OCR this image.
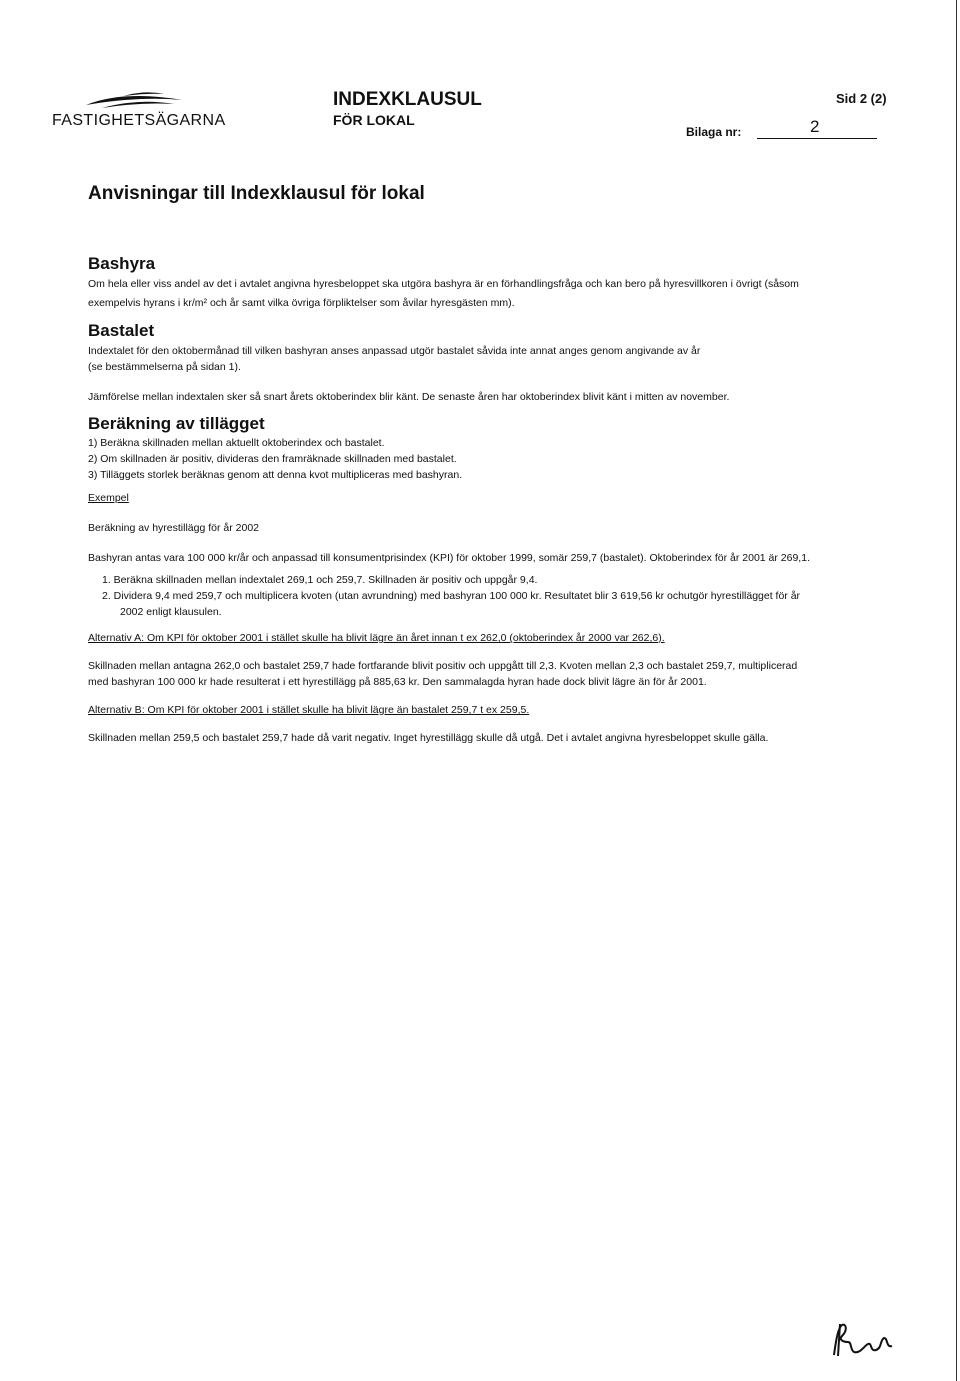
FASTIGHETSÄGARNA
INDEXKLAUSUL
FÖR LOKAL
Sid 2 (2)
Bilaga nr:	2
Anvisningar till Indexklausul för lokal
Bashyra

Om hela eller viss andel av det i avtalet angivna hyresbeloppet ska utgöra bashyra är en förhandlingsfråga och kan bero på hyresvillkoren i övrigt (såsom

exempelvis hyrans i kr/m² och år samt vilka övriga förpliktelser som åvilar hyresgästen mm).

Bastalet

Indextalet för den oktobermånad till vilken bashyran anses anpassad utgör bastalet såvida inte annat anges genom angivande av år

(se bestämmelserna på sidan 1).

Jämförelse mellan indextalen sker så snart årets oktoberindex blir känt. De senaste åren har oktoberindex blivit känt i mitten av november.

Beräkning av tillägget

1) Beräkna skillnaden mellan aktuellt oktoberindex och bastalet.

2) Om skillnaden är positiv, divideras den framräknade skillnaden med bastalet.

3) Tilläggets storlek beräknas genom att denna kvot multipliceras med bashyran.

Exempel

Beräkning av hyrestillägg för år 2002

Bashyran antas vara 100 000 kr/år och anpassad till konsumentprisindex (KPI) för oktober 1999, somär 259,7 (bastalet). Oktoberindex för år 2001 är 269,1.

1. Beräkna skillnaden mellan indextalet 269,1 och 259,7. Skillnaden är positiv och uppgår 9,4.

2. Dividera 9,4 med 259,7 och multiplicera kvoten (utan avrundning) med bashyran 100 000 kr. Resultatet blir 3 619,56 kr ochutgör hyrestillägget för år

2002 enligt klausulen.

Alternativ A: Om KPI för oktober 2001 i stället skulle ha blivit lägre än året innan t ex 262,0 (oktoberindex år 2000 var 262,6).

Skillnaden mellan antagna 262,0 och bastalet 259,7 hade fortfarande blivit positiv och uppgått till 2,3. Kvoten mellan 2,3 och bastalet 259,7, multiplicerad

med bashyran 100 000 kr hade resulterat i ett hyrestillägg på 885,63 kr. Den sammalagda hyran hade dock blivit lägre än för år 2001.

Alternativ B: Om KPI för oktober 2001 i stället skulle ha blivit lägre än bastalet 259,7 t ex 259,5.

Skillnaden mellan 259,5 och bastalet 259,7 hade då varit negativ. Inget hyrestillägg skulle då utgå. Det i avtalet angivna hyresbeloppet skulle gälla.
